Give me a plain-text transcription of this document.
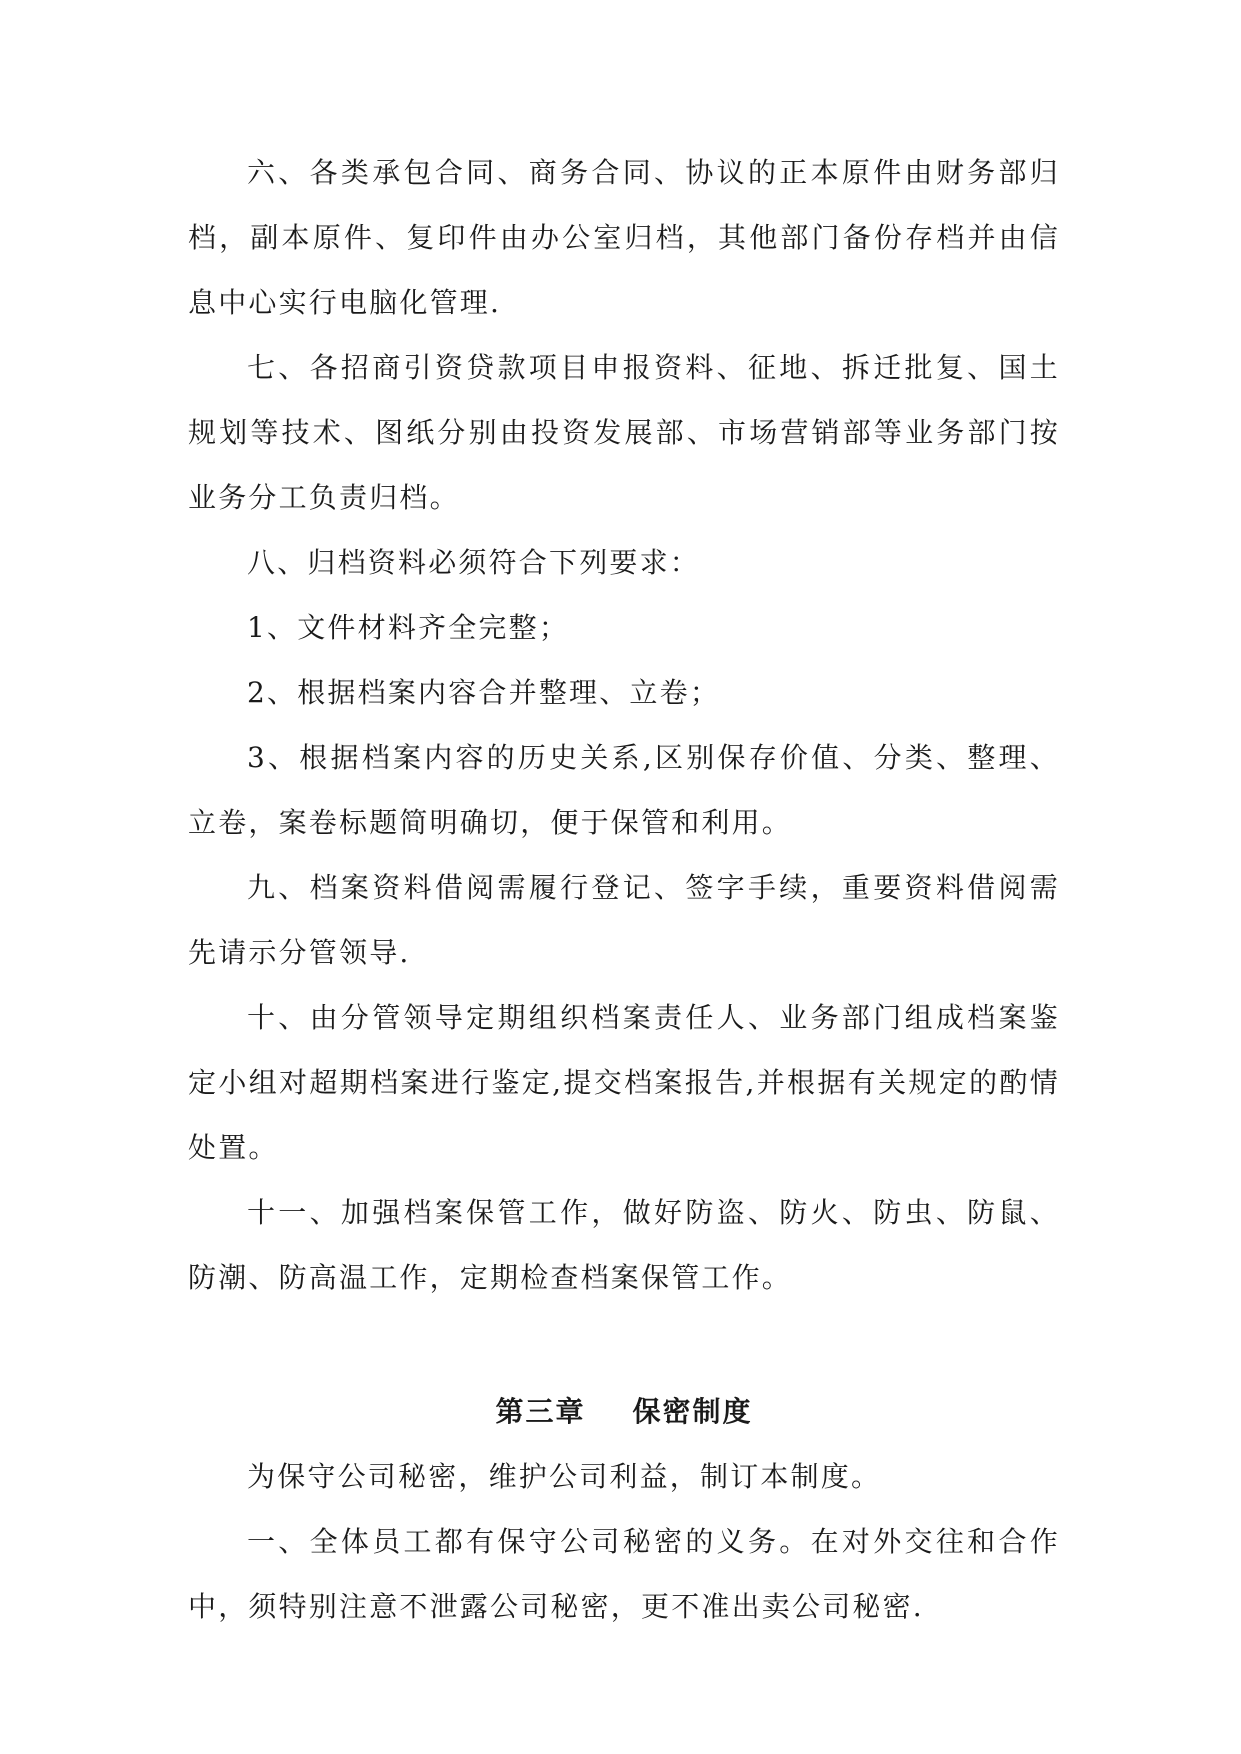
六、各类承包合同、商务合同、协议的正本原件由财务部归档，副本原件、复印件由办公室归档，其他部门备份存档并由信息中心实行电脑化管理.

七、各招商引资贷款项目申报资料、征地、拆迁批复、国土规划等技术、图纸分别由投资发展部、市场营销部等业务部门按业务分工负责归档。

八、归档资料必须符合下列要求：

1、文件材料齐全完整；

2、根据档案内容合并整理、立卷；

3、根据档案内容的历史关系,区别保存价值、分类、整理、立卷，案卷标题简明确切，便于保管和利用。

九、档案资料借阅需履行登记、签字手续，重要资料借阅需先请示分管领导.

十、由分管领导定期组织档案责任人、业务部门组成档案鉴定小组对超期档案进行鉴定,提交档案报告,并根据有关规定的酌情处置。

十一、加强档案保管工作，做好防盗、防火、防虫、防鼠、防潮、防高温工作，定期检查档案保管工作。

第三章    保密制度

为保守公司秘密，维护公司利益，制订本制度。

一、全体员工都有保守公司秘密的义务。在对外交往和合作中，须特别注意不泄露公司秘密，更不准出卖公司秘密.
